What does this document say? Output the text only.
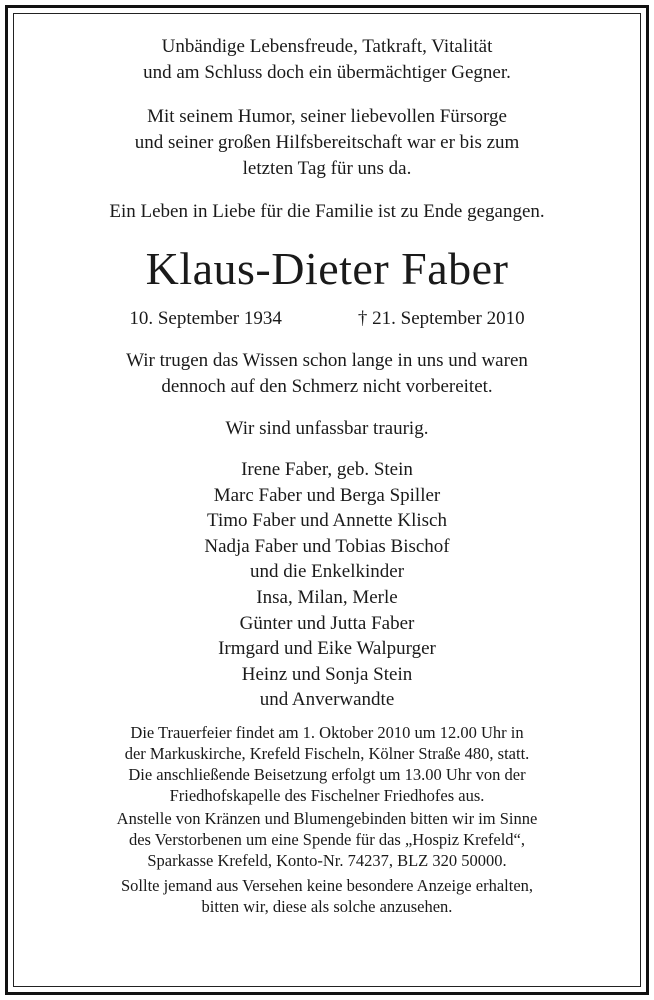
Unbändige Lebensfreude, Tatkraft, Vitalität
und am Schluss doch ein übermächtiger Gegner.
Mit seinem Humor, seiner liebevollen Fürsorge
und seiner großen Hilfsbereitschaft war er bis zum
letzten Tag für uns da.
Ein Leben in Liebe für die Familie ist zu Ende gegangen.
Klaus-Dieter Faber
10. September 1934	† 21. September 2010
Wir trugen das Wissen schon lange in uns und waren
dennoch auf den Schmerz nicht vorbereitet.
Wir sind unfassbar traurig.
Irene Faber, geb. Stein
Marc Faber und Berga Spiller
Timo Faber und Annette Klisch
Nadja Faber und Tobias Bischof
und die Enkelkinder
Insa, Milan, Merle
Günter und Jutta Faber
Irmgard und Eike Walpurger
Heinz und Sonja Stein
und Anverwandte
Die Trauerfeier findet am 1. Oktober 2010 um 12.00 Uhr in
der Markuskirche, Krefeld Fischeln, Kölner Straße 480, statt.
Die anschließende Beisetzung erfolgt um 13.00 Uhr von der
Friedhofskapelle des Fischelner Friedhofes aus.
Anstelle von Kränzen und Blumengebinden bitten wir im Sinne
des Verstorbenen um eine Spende für das „Hospiz Krefeld“,
Sparkasse Krefeld, Konto-Nr. 74237, BLZ 320 50000.
Sollte jemand aus Versehen keine besondere Anzeige erhalten,
bitten wir, diese als solche anzusehen.
